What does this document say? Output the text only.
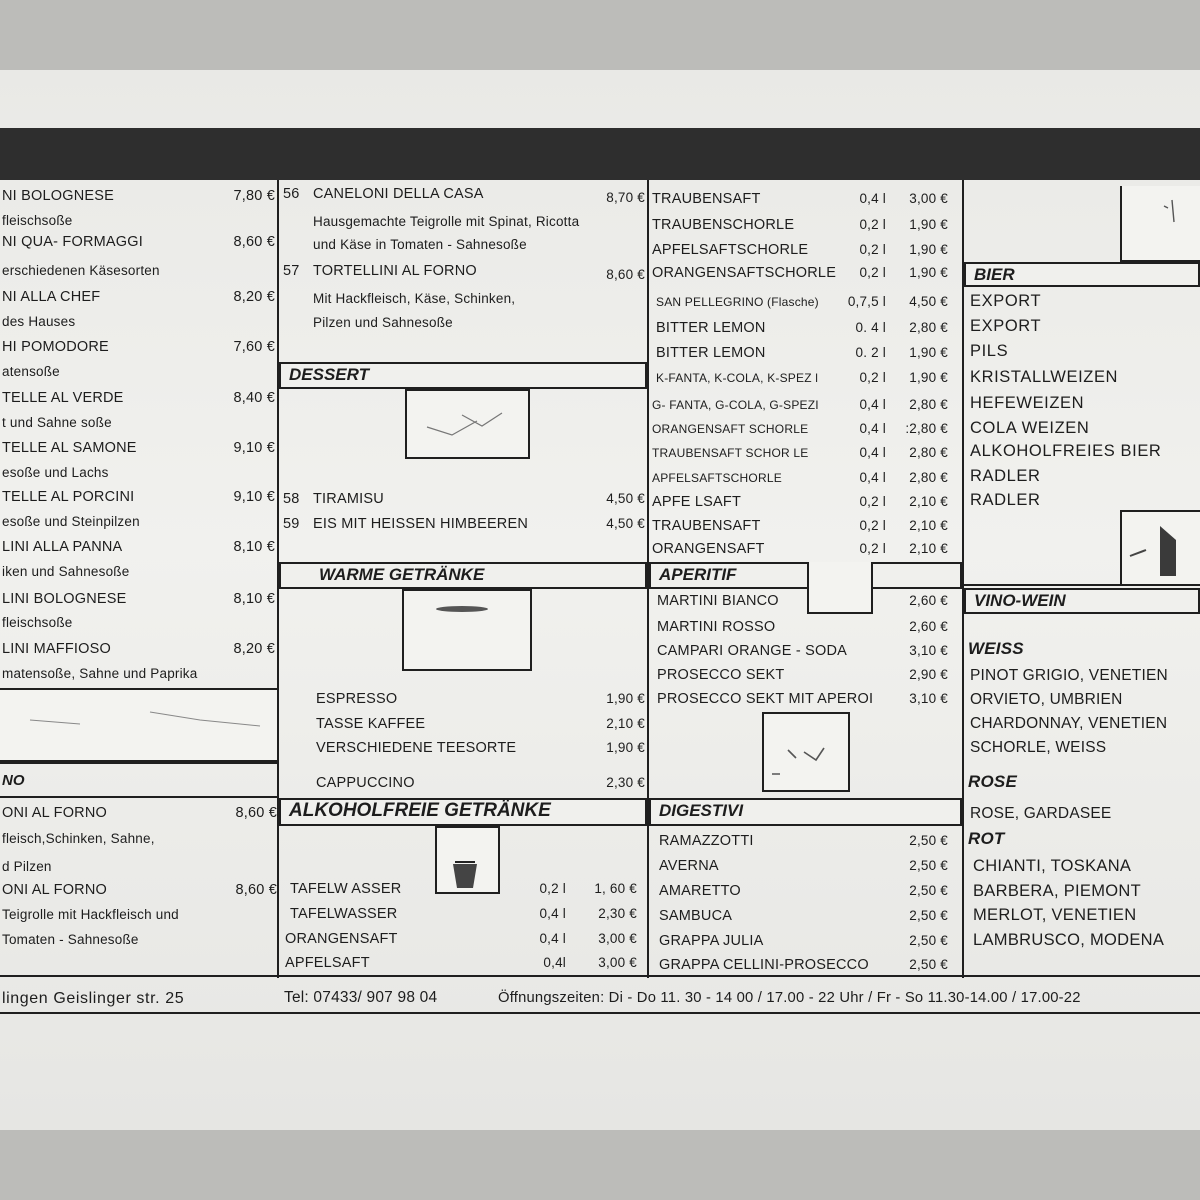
DESSERT
WARME GETRÄNKE
ALKOHOLFREIE GETRÄNKE
APERITIF
DIGESTIVI
BIER
VINO-WEIN
NO
NI BOLOGNESE	7,80 €
fleischsoße
NI QUA- FORMAGGI	8,60 €
erschiedenen Käsesorten
NI ALLA CHEF	8,20 €
des Hauses
HI POMODORE	7,60 €
atensoße
TELLE AL VERDE	8,40 €
t und Sahne soße
TELLE AL SAMONE	9,10 €
esoße und Lachs
TELLE AL PORCINI	9,10 €
esoße und Steinpilzen
LINI ALLA PANNA	8,10 €
iken und Sahnesoße
LINI BOLOGNESE	8,10 €
fleischsoße
LINI MAFFIOSO	8,20 €
matensoße, Sahne und Paprika
ONI AL FORNO	8,60 €
fleisch,Schinken, Sahne,
d Pilzen
ONI AL FORNO	8,60 €
Teigrolle mit Hackfleisch und
Tomaten - Sahnesoße
56 CANELONI DELLA CASA	8,70 €
Hausgemachte Teigrolle mit Spinat, Ricotta
und Käse in Tomaten - Sahnesoße
57 TORTELLINI AL FORNO	8,60 €
Mit Hackfleisch, Käse, Schinken,
Pilzen und Sahnesoße
58 TIRAMISU	4,50 €
59 EIS MIT HEISSEN HIMBEEREN	4,50 €
ESPRESSO	1,90 €
TASSE KAFFEE	2,10 €
VERSCHIEDENE TEESORTE	1,90 €
CAPPUCCINO	2,30 €
TAFELW ASSER	0,2 l 1, 60 €
TAFELWASSER	0,4 l 2,30 €
ORANGENSAFT	0,4 l 3,00 €
APFELSAFT	0,4l 3,00 €
TRAUBENSAFT	0,4 l 3,00 €
TRAUBENSCHORLE	0,2 l 1,90 €
APFELSAFTSCHORLE	0,2 l 1,90 €
ORANGENSAFTSCHORLE 0,2 l 1,90 €
SAN PELLEGRINO (Flasche) 0,7,5 l 4,50 €
BITTER LEMON	0. 4 l 2,80 €
BITTER LEMON	0. 2 l 1,90 €
K-FANTA, K-COLA, K-SPEZ l	0,2 l 1,90 €
G- FANTA, G-COLA, G-SPEZI	0,4 l 2,80 €
ORANGENSAFT SCHORLE	0,4 l :2,80 €
TRAUBENSAFT SCHOR LE	0,4 l 2,80 €
APFELSAFTSCHORLE	0,4 l 2,80 €
APFE LSAFT	0,2 l 2,10 €
TRAUBENSAFT	0,2 l 2,10 €
ORANGENSAFT	0,2 l 2,10 €
MARTINI BIANCO	2,60 €
MARTINI ROSSO	2,60 €
CAMPARI ORANGE - SODA	3,10 €
PROSECCO SEKT	2,90 €
PROSECCO SEKT MIT APEROI	3,10 €
RAMAZZOTTI	2,50 €
AVERNA	2,50 €
AMARETTO	2,50 €
SAMBUCA	2,50 €
GRAPPA JULIA	2,50 €
GRAPPA CELLINI-PROSECCO	2,50 €
EXPORT
EXPORT
PILS
KRISTALLWEIZEN
HEFEWEIZEN
COLA WEIZEN
ALKOHOLFREIES BIER
RADLER
RADLER
WEISS
PINOT GRIGIO, VENETIEN
ORVIETO, UMBRIEN
CHARDONNAY, VENETIEN
SCHORLE, WEISS
ROSE
ROSE, GARDASEE
ROT
CHIANTI, TOSKANA
BARBERA, PIEMONT
MERLOT, VENETIEN
LAMBRUSCO, MODENA
lingen Geislinger str. 25	Tel: 07433/ 907 98 04	Öffnungszeiten: Di - Do 11. 30 - 14 00 / 17.00 - 22 Uhr / Fr - So 11.30-14.00 / 17.00-22
